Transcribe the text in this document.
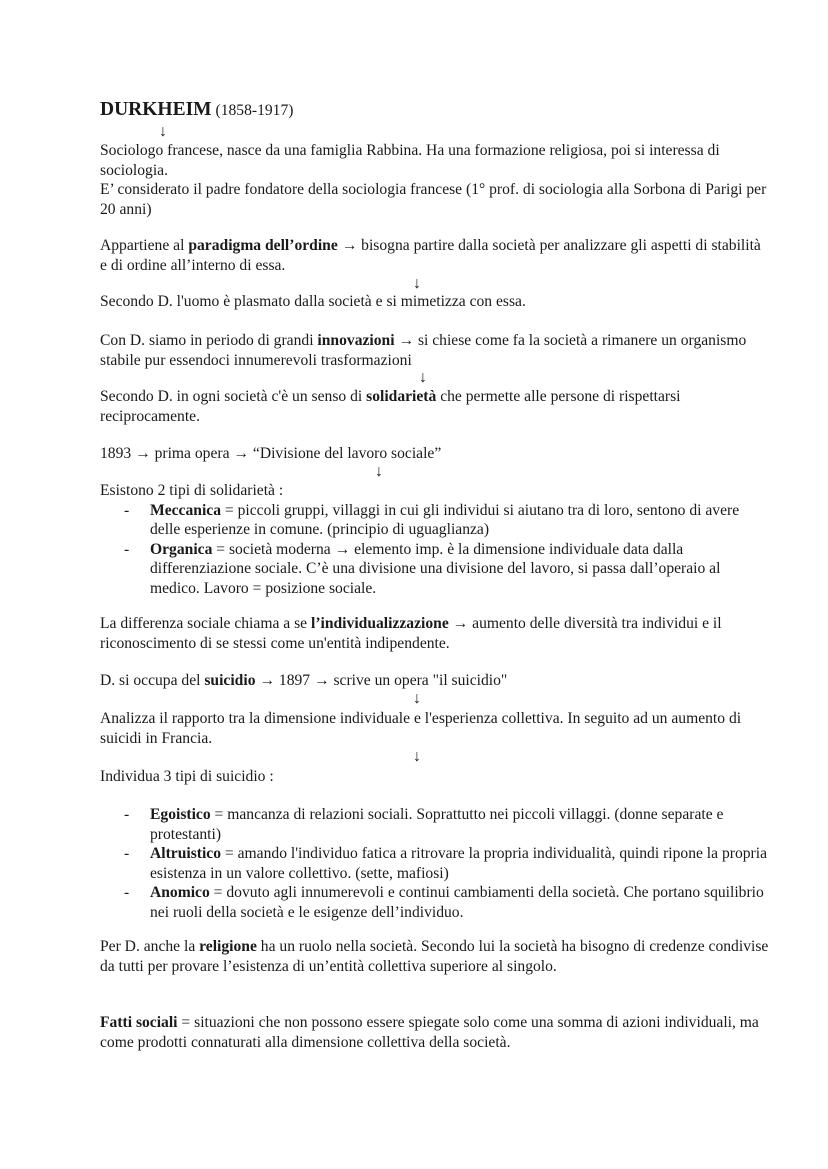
DURKHEIM (1858-1917)
↓
Sociologo francese, nasce da una famiglia Rabbina. Ha una formazione religiosa, poi si interessa di sociologia.
E’ considerato il padre fondatore della sociologia francese (1° prof. di sociologia alla Sorbona di Parigi per 20 anni)
Appartiene al paradigma dell’ordine → bisogna partire dalla società per analizzare gli aspetti di stabilità e di ordine all’interno di essa.
↓
Secondo D. l'uomo è plasmato dalla società e si mimetizza con essa.
Con D. siamo in periodo di grandi innovazioni → si chiese come fa la società a rimanere un organismo stabile pur essendoci innumerevoli trasformazioni
↓
Secondo D. in ogni società c'è un senso di solidarietà che permette alle persone di rispettarsi reciprocamente.
1893 → prima opera → “Divisione del lavoro sociale”
↓
Esistono 2 tipi di solidarietà :
- Meccanica = piccoli gruppi, villaggi in cui gli individui si aiutano tra di loro, sentono di avere delle esperienze in comune. (principio di uguaglianza)
- Organica = società moderna → elemento imp. è la dimensione individuale data dalla differenziazione sociale. C’è una divisione una divisione del lavoro, si passa dall’operaio al medico. Lavoro = posizione sociale.
La differenza sociale chiama a se l’individualizzazione → aumento delle diversità tra individui e il riconoscimento di se stessi come un'entità indipendente.
D. si occupa del suicidio → 1897 → scrive un opera "il suicidio"
↓
Analizza il rapporto tra la dimensione individuale e l'esperienza collettiva. In seguito ad un aumento di suicidi in Francia.
↓
Individua 3 tipi di suicidio :
- Egoistico = mancanza di relazioni sociali. Soprattutto nei piccoli villaggi. (donne separate e protestanti)
- Altruistico = amando l'individuo fatica a ritrovare la propria individualità, quindi ripone la propria esistenza in un valore collettivo. (sette, mafiosi)
- Anomico = dovuto agli innumerevoli e continui cambiamenti della società. Che portano squilibrio nei ruoli della società e le esigenze dell’individuo.
Per D. anche la religione ha un ruolo nella società. Secondo lui la società ha bisogno di credenze condivise da tutti per provare l’esistenza di un’entità collettiva superiore al singolo.
Fatti sociali = situazioni che non possono essere spiegate solo come una somma di azioni individuali, ma come prodotti connaturati alla dimensione collettiva della società.
